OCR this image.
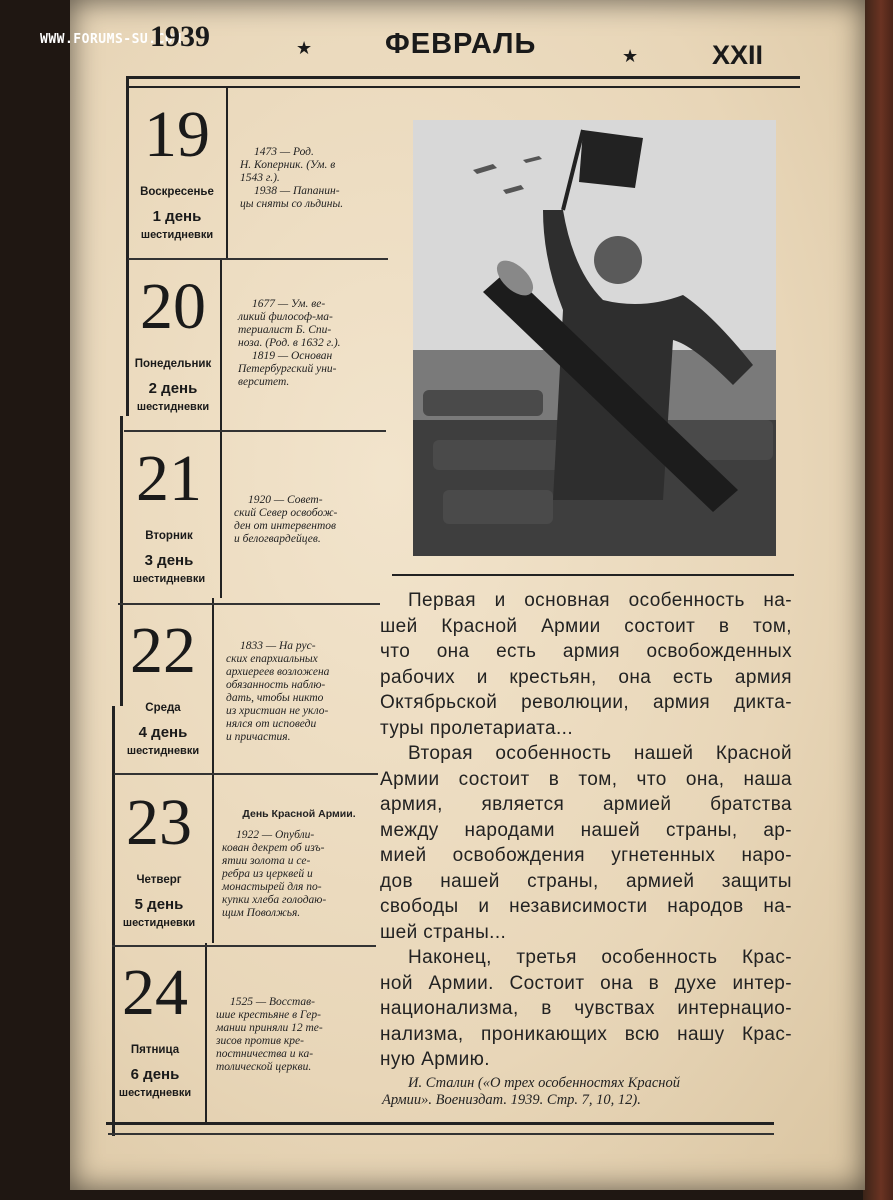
WWW.FORUMS-SU.COM
1939	★	ФЕВРАЛЬ	★	XXII
19
Воскресенье
1 день
шестидневки
1473 — Род.
Н. Коперник. (Ум. в
1543 г.).
1938 — Папанин-
цы сняты со льдины.
20
Понедельник
2 день
шестидневки
1677 — Ум. ве-
ликий философ-ма-
териалист Б. Спи-
ноза. (Род. в 1632 г.).
1819 — Основан
Петербургский уни-
верситет.
21
Вторник
3 день
шестидневки
1920 — Совет-
ский Север освобож-
ден от интервентов
и белогвардейцев.
22
Среда
4 день
шестидневки
1833 — На рус-
ских епархиальных
архиереев возложена
обязанность наблю-
дать, чтобы никто
из христиан не укло-
нялся от исповеди
и причастия.
23
Четверг
5 день
шестидневки
День Красной Армии.
1922 — Опубли-
кован декрет об изъ-
ятии золота и се-
ребра из церквей и
монастырей для по-
купки хлеба голодаю-
щим Поволжья.
24
Пятница
6 день
шестидневки
1525 — Восстав-
шие крестьяне в Гер-
мании приняли 12 те-
зисов против кре-
постничества и ка-
толической церкви.

Первая и основная особенность на-
шей Красной Армии состоит в том,
что она есть армия освобожденных
рабочих и крестьян, она есть армия
Октябрьской революции, армия дикта-
туры пролетариата...

Вторая особенность нашей Красной
Армии состоит в том, что она, наша
армия, является армией братства
между народами нашей страны, ар-
мией освобождения угнетенных наро-
дов нашей страны, армией защиты
свободы и независимости народов на-
шей страны...

Наконец, третья особенность Крас-
ной Армии. Состоит она в духе интер-
национализма, в чувствах интернацио-
нализма, проникающих всю нашу Крас-
ную Армию.

И. Сталин («О трех особенностях Красной
Армии». Воениздат. 1939. Стр. 7, 10, 12).
